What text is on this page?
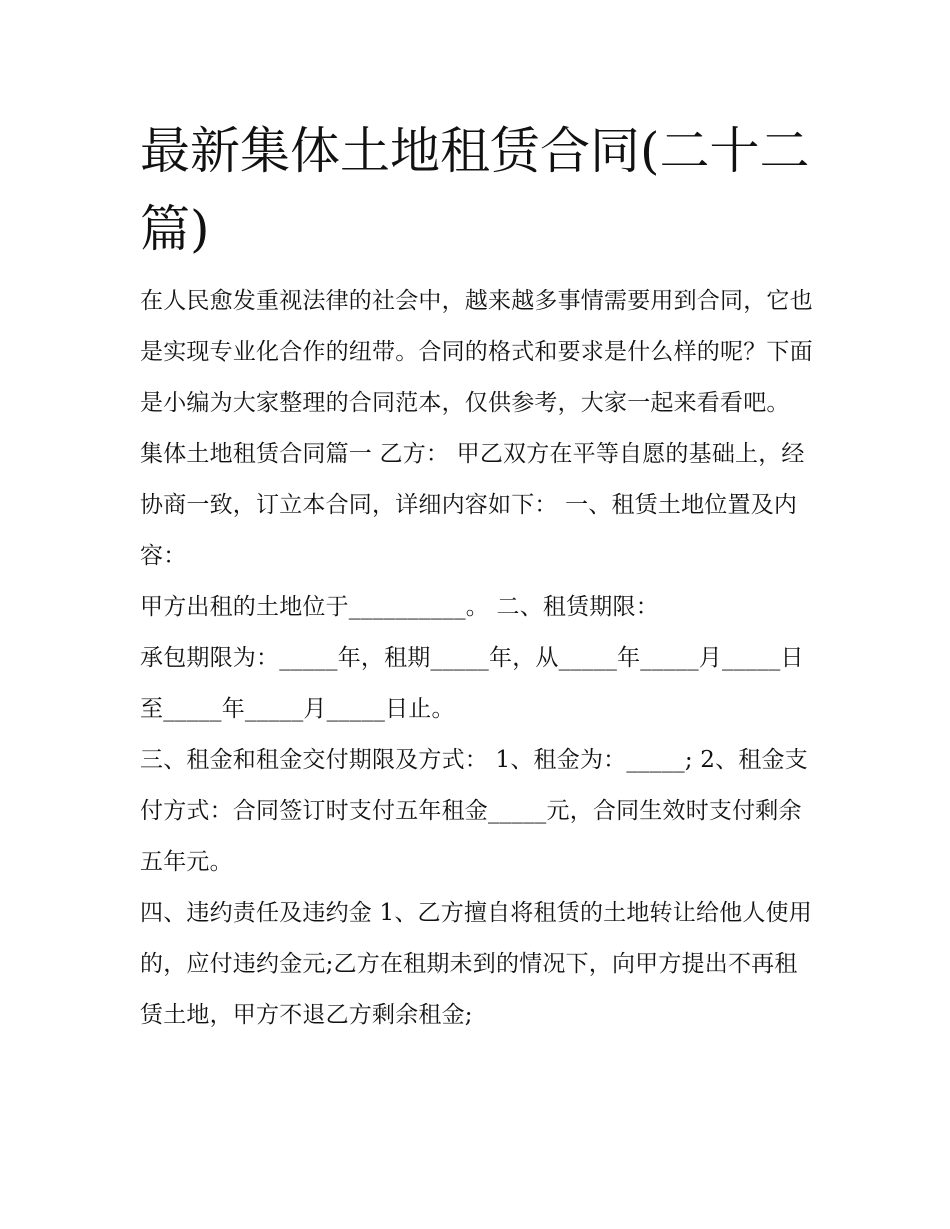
最新集体土地租赁合同(二十二篇)

在人民愈发重视法律的社会中，越来越多事情需要用到合同，它也是实现专业化合作的纽带。合同的格式和要求是什么样的呢？下面是小编为大家整理的合同范本，仅供参考，大家一起来看看吧。

集体土地租赁合同篇一 乙方： 甲乙双方在平等自愿的基础上，经协商一致，订立本合同，详细内容如下： 一、租赁土地位置及内容：

甲方出租的土地位于__________。 二、租赁期限：

承包期限为：_____年，租期_____年，从_____年_____月_____日至_____年_____月_____日止。

三、租金和租金交付期限及方式： 1、租金为：_____; 2、租金支付方式：合同签订时支付五年租金_____元，合同生效时支付剩余五年元。

四、违约责任及违约金 1、乙方擅自将租赁的土地转让给他人使用的，应付违约金元;乙方在租期未到的情况下，向甲方提出不再租赁土地，甲方不退乙方剩余租金;
